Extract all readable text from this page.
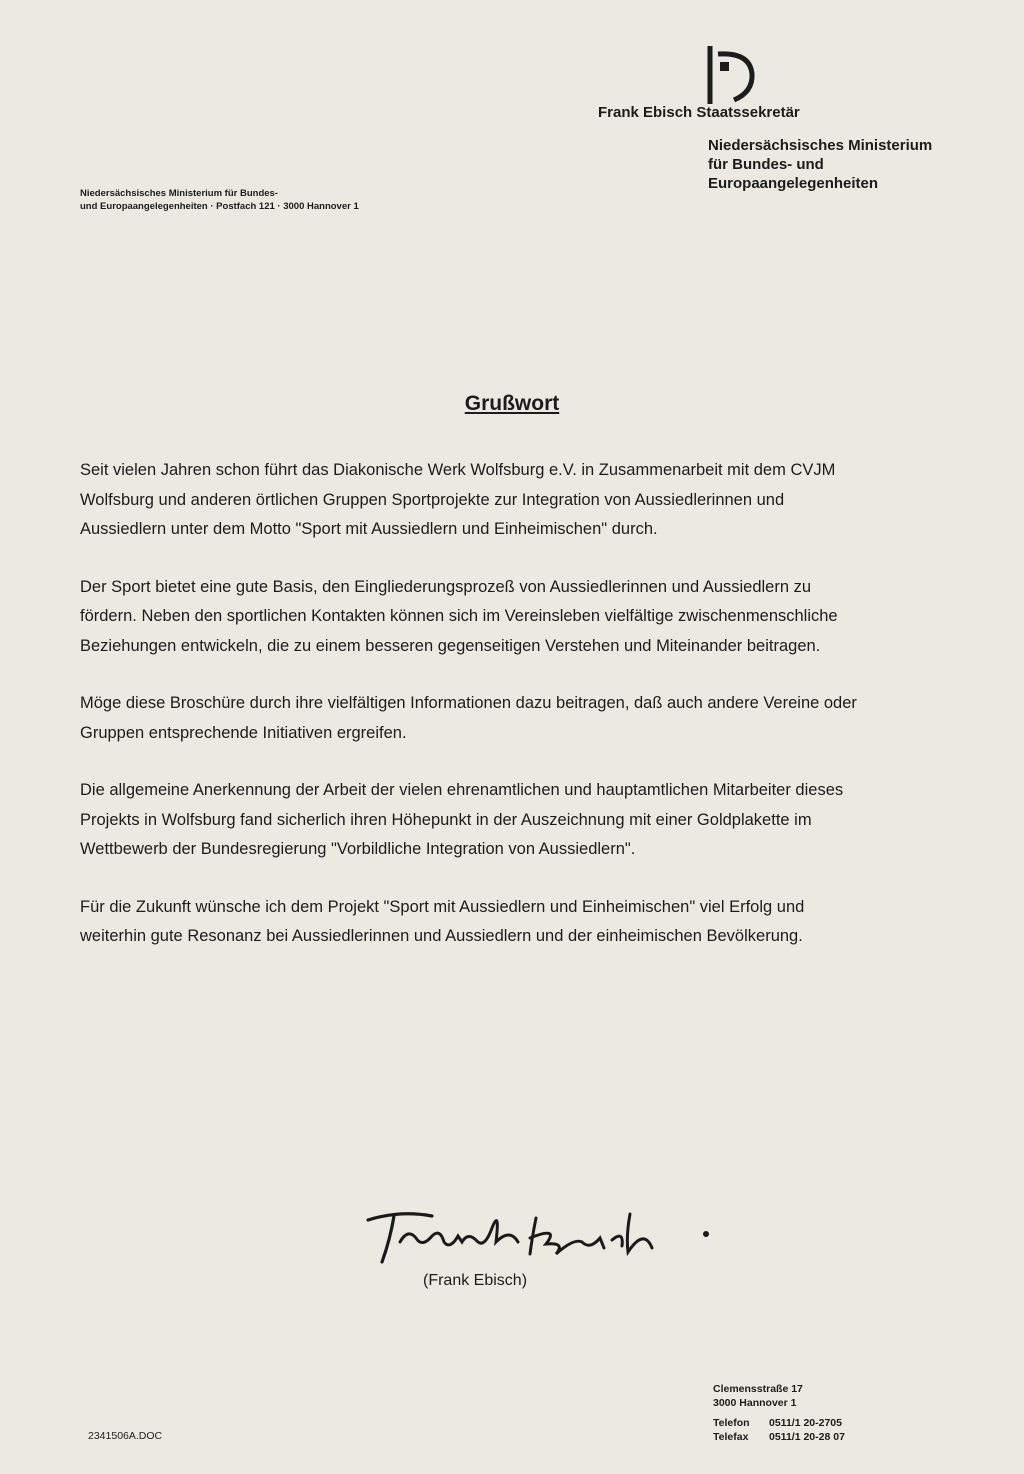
Frank Ebisch Staatssekretär
Niedersächsisches Ministerium
für Bundes- und
Europaangelegenheiten
Niedersächsisches Ministerium für Bundes-
und Europaangelegenheiten · Postfach 121 · 3000 Hannover 1
Grußwort

Seit vielen Jahren schon führt das Diakonische Werk Wolfsburg e.V. in Zusammenarbeit mit dem CVJM Wolfsburg und anderen örtlichen Gruppen Sportprojekte zur Integration von Aussiedlerinnen und Aussiedlern unter dem Motto "Sport mit Aussiedlern und Einheimischen" durch.

Der Sport bietet eine gute Basis, den Eingliederungsprozeß von Aussiedlerinnen und Aussiedlern zu fördern. Neben den sportlichen Kontakten können sich im Vereinsleben vielfältige zwischenmenschliche Beziehungen entwickeln, die zu einem besseren gegenseitigen Verstehen und Miteinander beitragen.

Möge diese Broschüre durch ihre vielfältigen Informationen dazu beitragen, daß auch andere Vereine oder Gruppen entsprechende Initiativen ergreifen.

Die allgemeine Anerkennung der Arbeit der vielen ehrenamtlichen und hauptamtlichen Mitarbeiter dieses Projekts in Wolfsburg fand sicherlich ihren Höhepunkt in der Auszeichnung mit einer Goldplakette im Wettbewerb der Bundesregierung "Vorbildliche Integration von Aussiedlern".

Für die Zukunft wünsche ich dem Projekt "Sport mit Aussiedlern und Einheimischen" viel Erfolg und weiterhin gute Resonanz bei Aussiedlerinnen und Aussiedlern und der einheimischen Bevölkerung.

(Frank Ebisch)
Clemensstraße 17
3000 Hannover 1
Telefon 0511/1 20-2705
Telefax 0511/1 20-28 07
2341506A.DOC
